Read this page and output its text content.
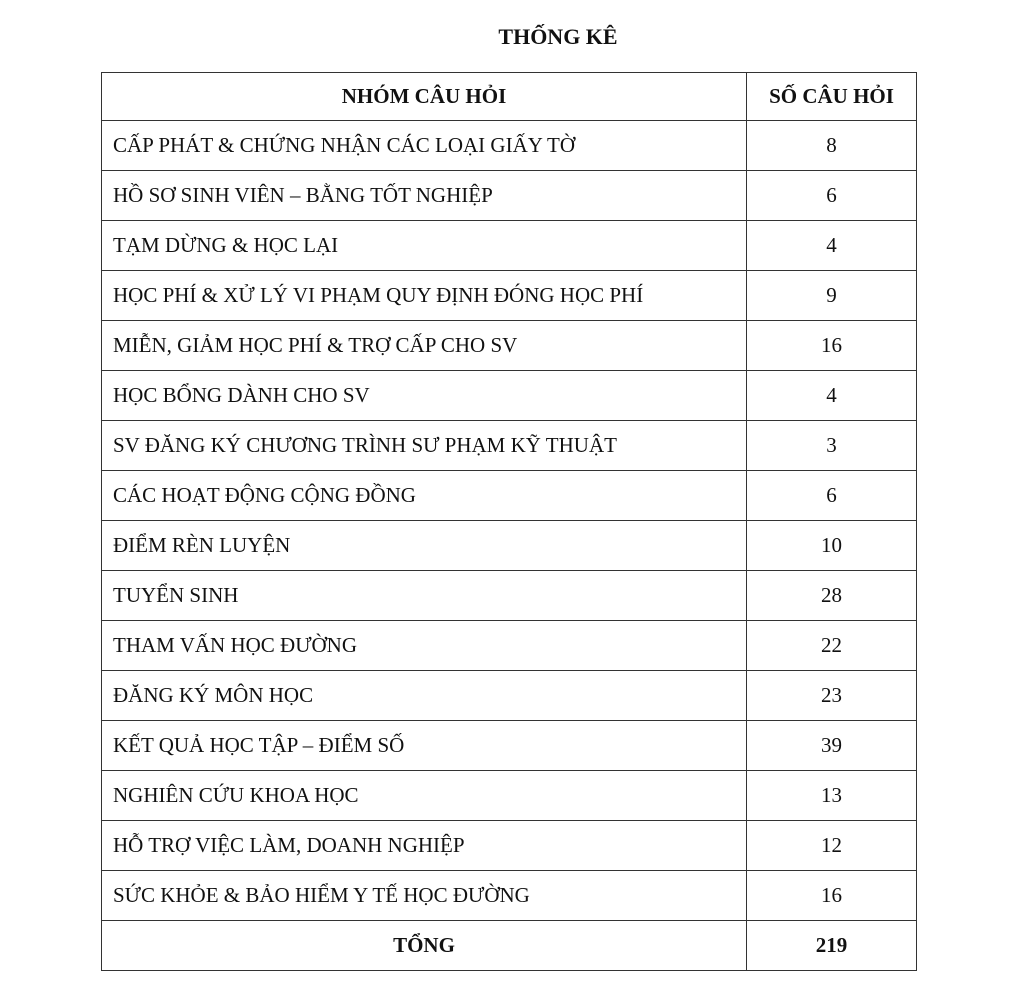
THỐNG KÊ
NHÓM CÂU HỎI	SỐ CÂU HỎI
CẤP PHÁT & CHỨNG NHẬN CÁC LOẠI GIẤY TỜ	8
HỒ SƠ SINH VIÊN – BẰNG TỐT NGHIỆP	6
TẠM DỪNG & HỌC LẠI	4
HỌC PHÍ & XỬ LÝ VI PHẠM QUY ĐỊNH ĐÓNG HỌC PHÍ	9
MIỄN, GIẢM HỌC PHÍ & TRỢ CẤP CHO SV	16
HỌC BỔNG DÀNH CHO SV	4
SV ĐĂNG KÝ CHƯƠNG TRÌNH SƯ PHẠM KỸ THUẬT	3
CÁC HOẠT ĐỘNG CỘNG ĐỒNG	6
ĐIỂM RÈN LUYỆN	10
TUYỂN SINH	28
THAM VẤN HỌC ĐƯỜNG	22
ĐĂNG KÝ MÔN HỌC	23
KẾT QUẢ HỌC TẬP – ĐIỂM SỐ	39
NGHIÊN CỨU KHOA HỌC	13
HỖ TRỢ VIỆC LÀM, DOANH NGHIỆP	12
SỨC KHỎE & BẢO HIỂM Y TẾ HỌC ĐƯỜNG	16
TỔNG	219
